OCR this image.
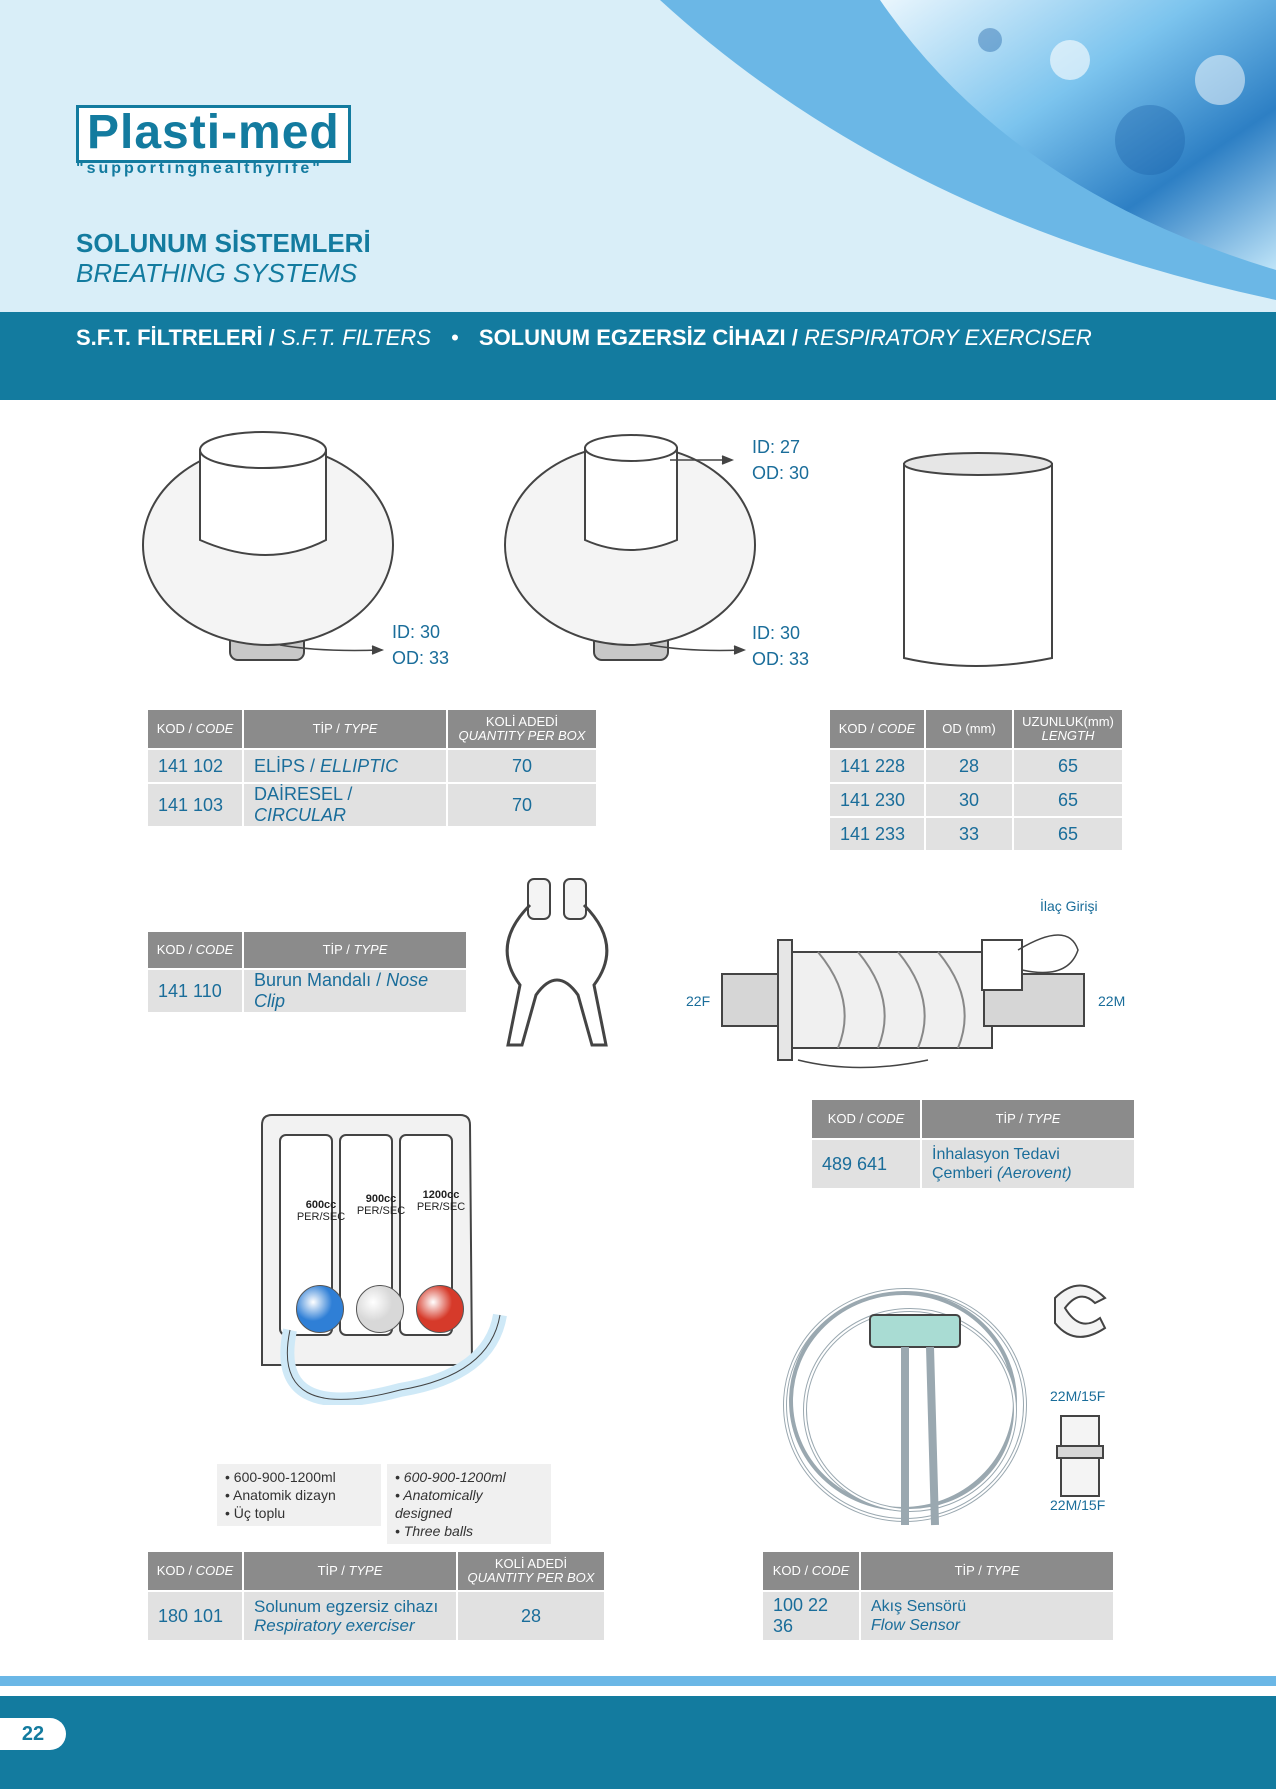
Plasti-med
"supportinghealthylife"
SOLUNUM SİSTEMLERİ
BREATHING SYSTEMS
S.F.T. FİLTRELERİ / S.F.T. FILTERS • SOLUNUM EGZERSİZ CİHAZI / RESPIRATORY EXERCISER
ID: 30
OD: 33
ID: 27
OD: 30
ID: 30
OD: 33
KOD / CODE	TİP / TYPE	KOLİ ADEDİ
QUANTITY PER BOX
141 102	ELİPS / ELLIPTIC	70
141 103	DAİRESEL / CIRCULAR	70
KOD / CODE	OD (mm)	UZUNLUK(mm)
LENGTH
141 228	28	65
141 230	30	65
141 233	33	65
KOD / CODE	TİP / TYPE
141 110	Burun Mandalı / Nose Clip	22F	22M
İlaç Girişi
KOD / CODE	TİP / TYPE
489 641	İnhalasyon Tedavi
Çemberi (Aerovent)
600cc
PER/SEC
900cc
PER/SEC
1200cc
PER/SEC
• 600-900-1200ml
• Anatomik dizayn
• Üç toplu
• 600-900-1200ml
• Anatomically designed
• Three balls
KOD / CODE	TİP / TYPE	KOLİ ADEDİ
QUANTITY PER BOX
180 101	Solunum egzersiz cihazı
Respiratory exerciser	28
22M/15F
22M/15F
KOD / CODE	TİP / TYPE
100 22 36	Akış Sensörü
Flow Sensor
22
